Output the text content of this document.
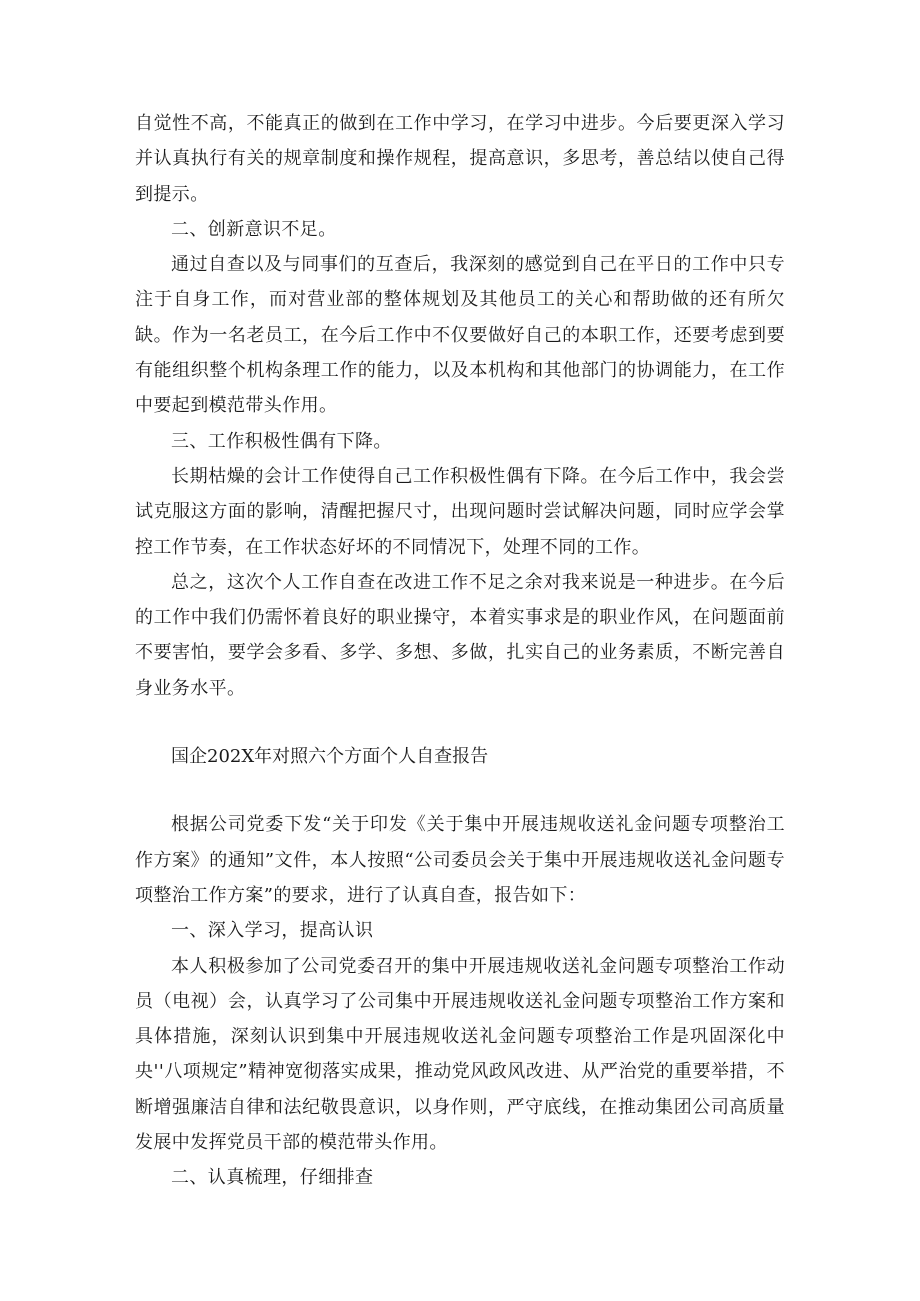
自觉性不高，不能真正的做到在工作中学习，在学习中进步。今后要更深入学习并认真执行有关的规章制度和操作规程，提高意识，多思考，善总结以使自己得到提示。

二、创新意识不足。

通过自查以及与同事们的互查后，我深刻的感觉到自己在平日的工作中只专注于自身工作，而对营业部的整体规划及其他员工的关心和帮助做的还有所欠缺。作为一名老员工，在今后工作中不仅要做好自己的本职工作，还要考虑到要有能组织整个机构条理工作的能力，以及本机构和其他部门的协调能力，在工作中要起到模范带头作用。

三、工作积极性偶有下降。

长期枯燥的会计工作使得自己工作积极性偶有下降。在今后工作中，我会尝试克服这方面的影响，清醒把握尺寸，出现问题时尝试解决问题，同时应学会掌控工作节奏，在工作状态好坏的不同情况下，处理不同的工作。

总之，这次个人工作自查在改进工作不足之余对我来说是一种进步。在今后的工作中我们仍需怀着良好的职业操守，本着实事求是的职业作风，在问题面前不要害怕，要学会多看、多学、多想、多做，扎实自己的业务素质，不断完善自身业务水平。

国企202X年对照六个方面个人自查报告

根据公司党委下发“关于印发《关于集中开展违规收送礼金问题专项整治工作方案》的通知”文件，本人按照“公司委员会关于集中开展违规收送礼金问题专项整治工作方案”的要求，进行了认真自查，报告如下：

一、深入学习，提高认识

本人积极参加了公司党委召开的集中开展违规收送礼金问题专项整治工作动员（电视）会，认真学习了公司集中开展违规收送礼金问题专项整治工作方案和具体措施，深刻认识到集中开展违规收送礼金问题专项整治工作是巩固深化中央''八项规定”精神宽彻落实成果，推动党风政风改进、从严治党的重要举措，不断增强廉洁自律和法纪敬畏意识，以身作则，严守底线，在推动集团公司高质量发展中发挥党员干部的模范带头作用。

二、认真梳理，仔细排查
